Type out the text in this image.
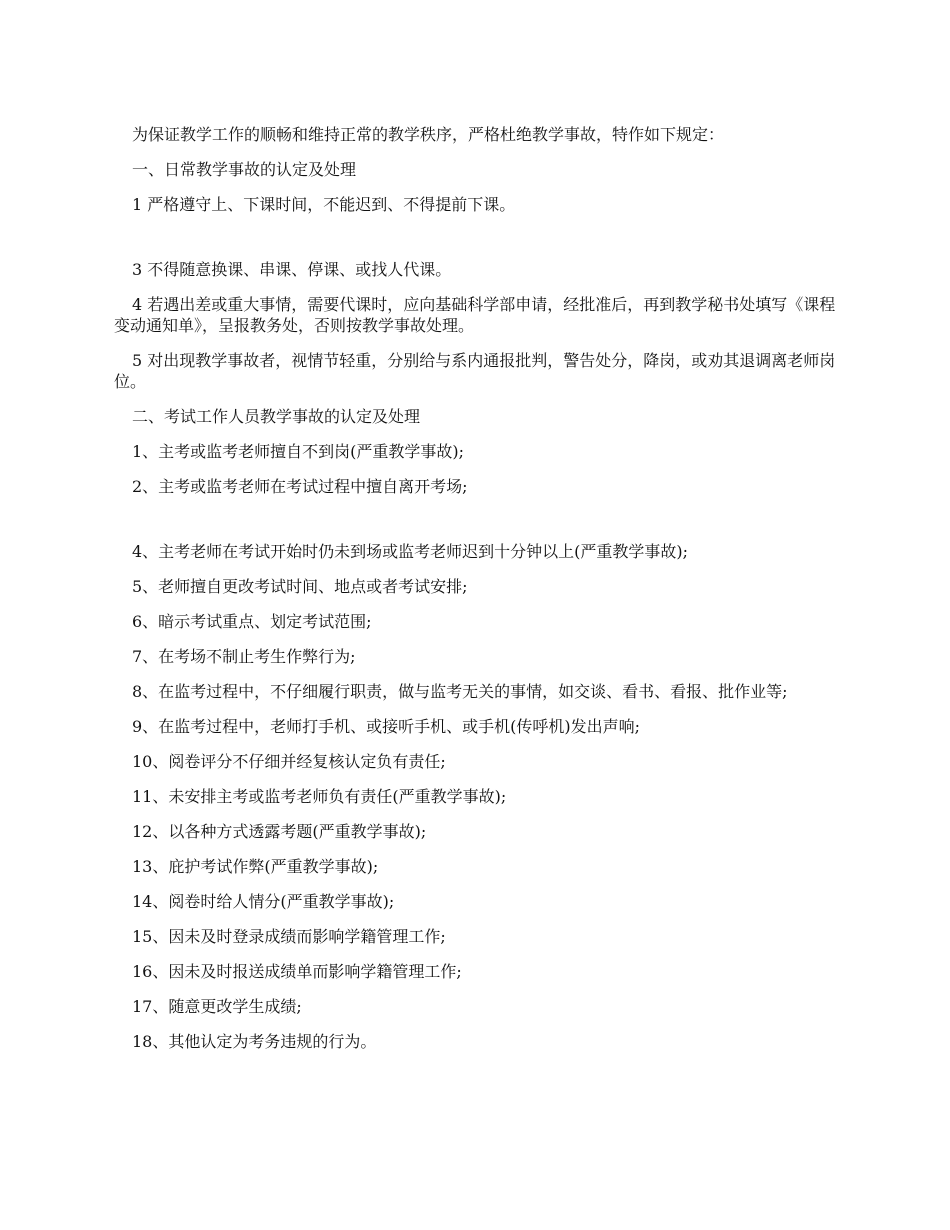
为保证教学工作的顺畅和维持正常的教学秩序，严格杜绝教学事故，特作如下规定：

一、日常教学事故的认定及处理

1 严格遵守上、下课时间，不能迟到、不得提前下课。

3 不得随意换课、串课、停课、或找人代课。

4 若遇出差或重大事情，需要代课时，应向基础科学部申请，经批准后，再到教学秘书处填写《课程变动通知单》，呈报教务处，否则按教学事故处理。

5 对出现教学事故者，视情节轻重，分别给与系内通报批判，警告处分，降岗，或劝其退调离老师岗位。

二、考试工作人员教学事故的认定及处理

1、主考或监考老师擅自不到岗(严重教学事故);

2、主考或监考老师在考试过程中擅自离开考场;

4、主考老师在考试开始时仍未到场或监考老师迟到十分钟以上(严重教学事故);

5、老师擅自更改考试时间、地点或者考试安排;

6、暗示考试重点、划定考试范围;

7、在考场不制止考生作弊行为;

8、在监考过程中，不仔细履行职责，做与监考无关的事情，如交谈、看书、看报、批作业等;

9、在监考过程中，老师打手机、或接听手机、或手机(传呼机)发出声响;

10、阅卷评分不仔细并经复核认定负有责任;

11、未安排主考或监考老师负有责任(严重教学事故);

12、以各种方式透露考题(严重教学事故);

13、庇护考试作弊(严重教学事故);

14、阅卷时给人情分(严重教学事故);

15、因未及时登录成绩而影响学籍管理工作;

16、因未及时报送成绩单而影响学籍管理工作;

17、随意更改学生成绩;

18、其他认定为考务违规的行为。
